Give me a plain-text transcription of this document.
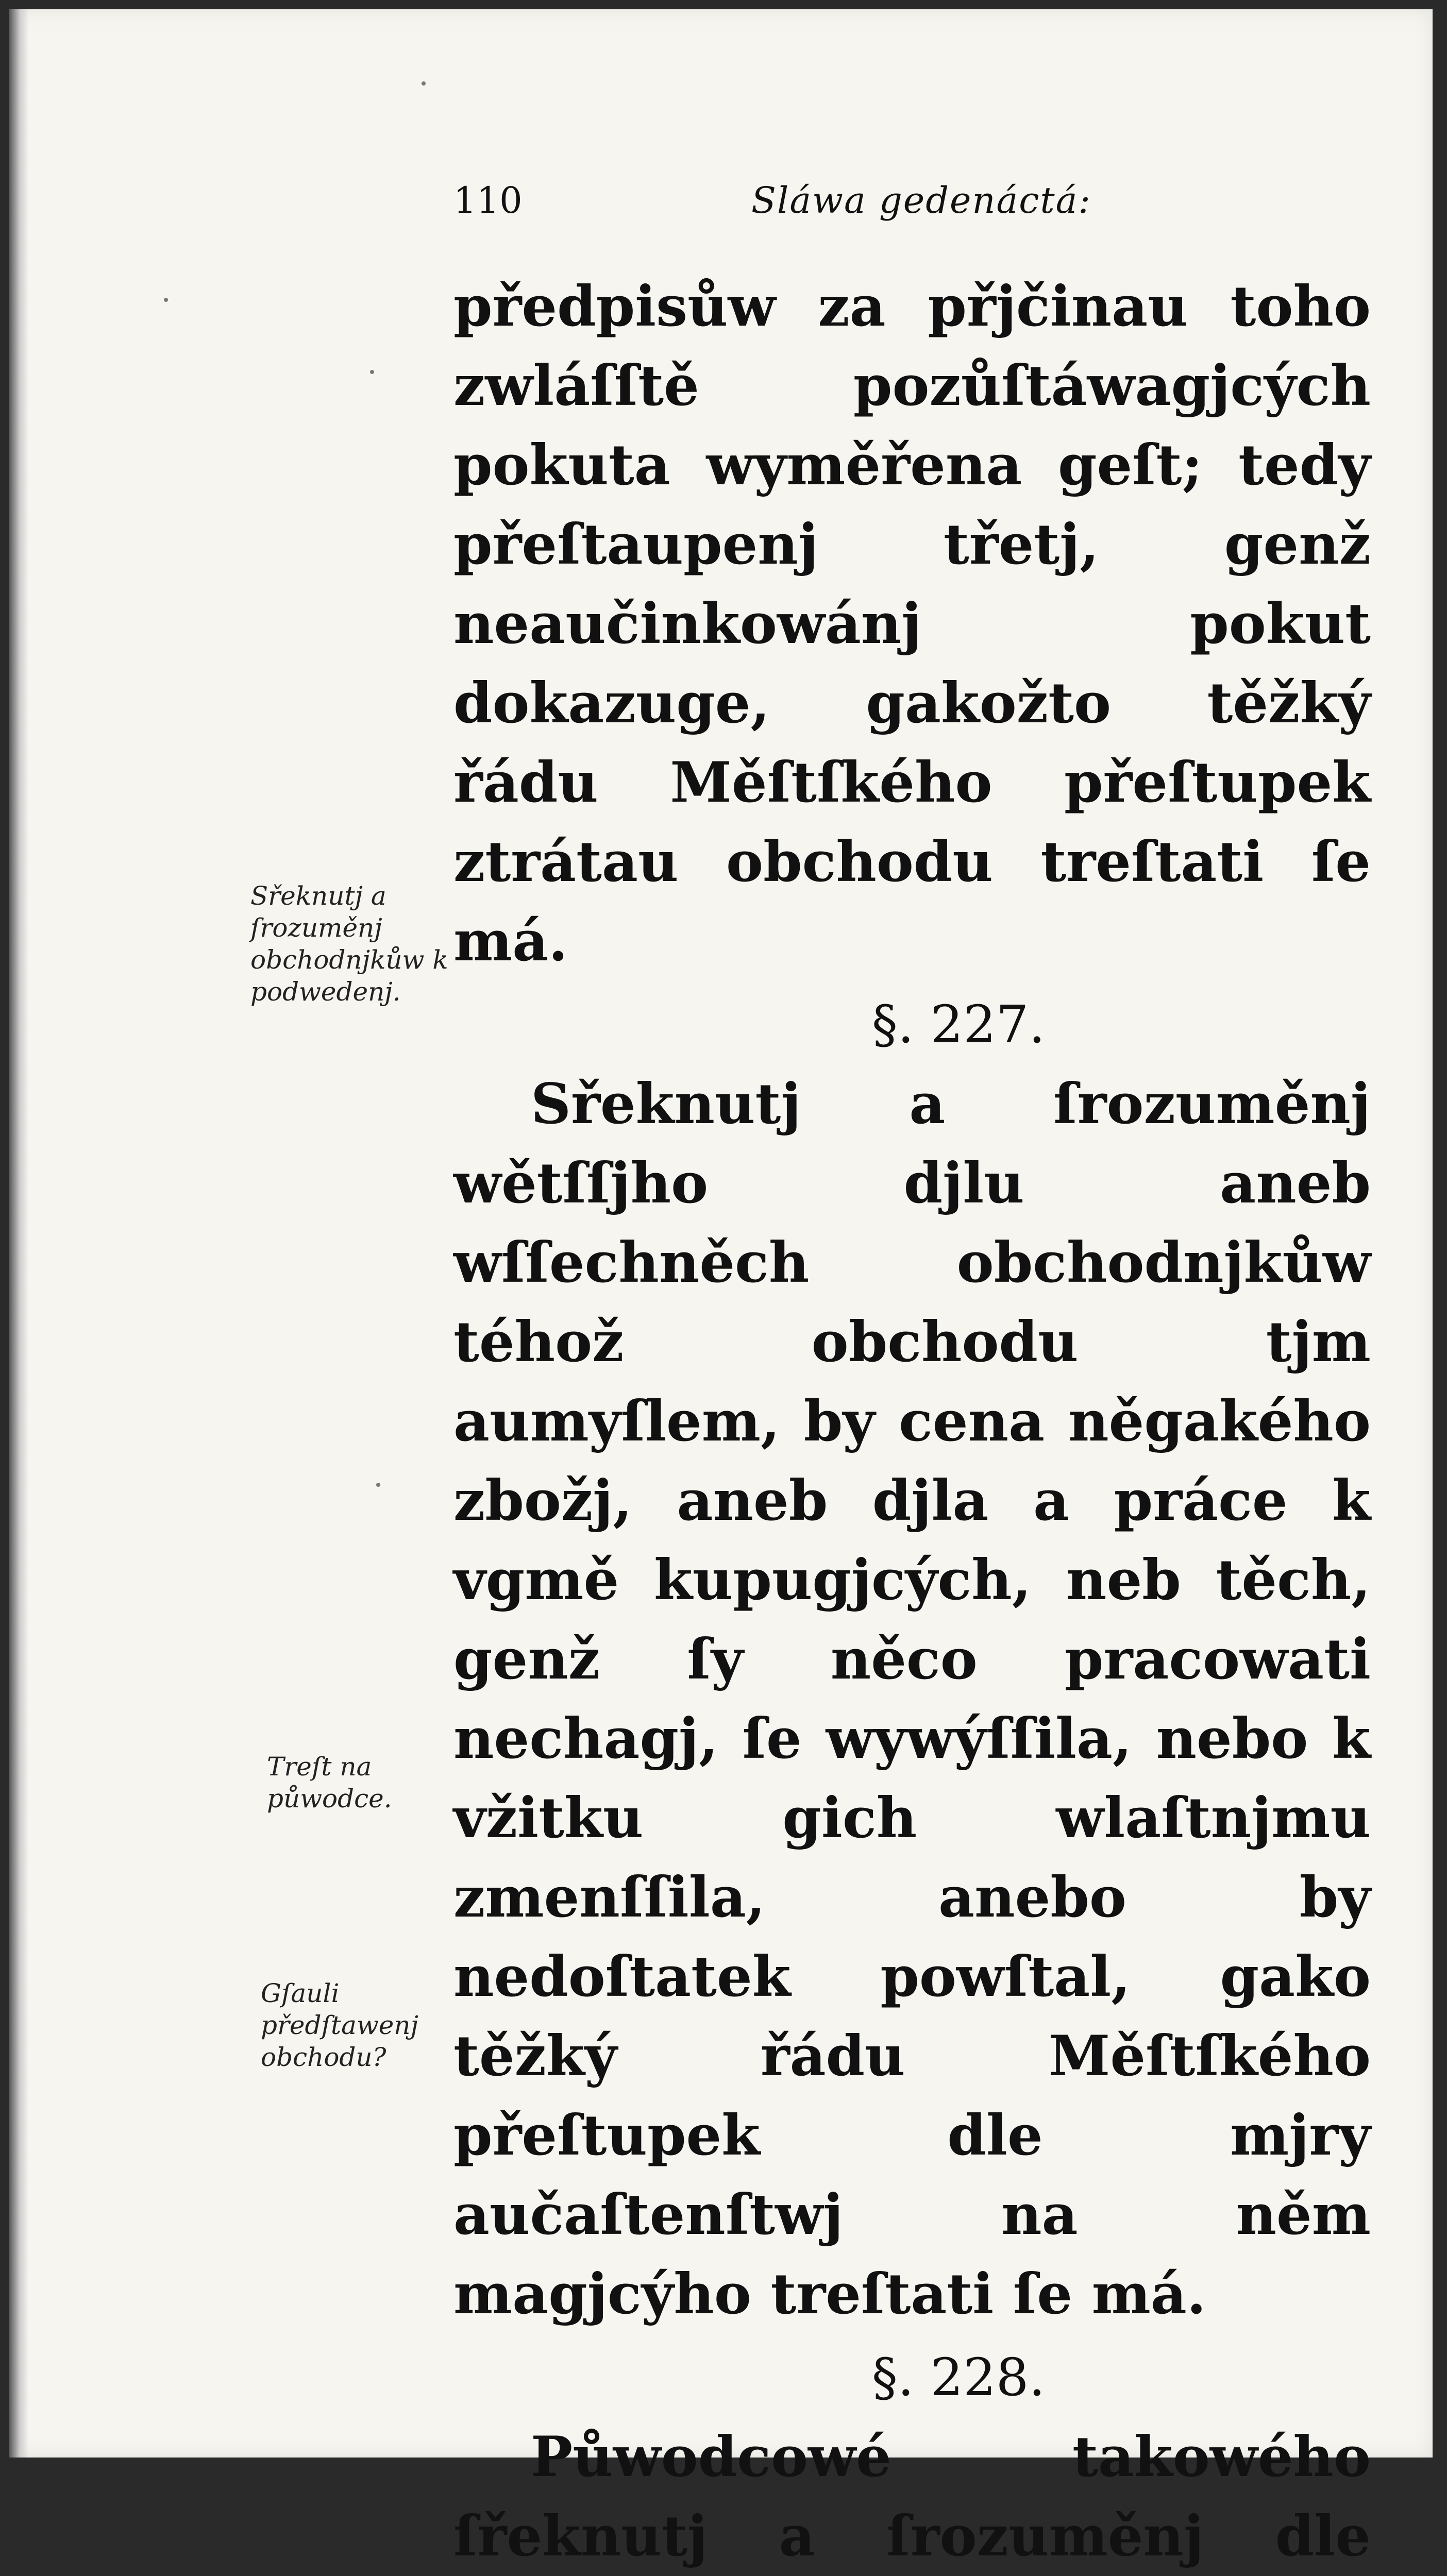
110	Sláwa gedenáctá:

předpisůw za přjčinau toho zwláſſtě pozůſtáwagjcých pokuta wyměřena geſt; tedy přeſtaupenj třetj, genž neaučinkowánj pokut dokazuge, gakožto těžký řádu Měſtſkého přeſtupek ztrátau obchodu treſtati ſe má.

§. 227.

Sřeknutj a ſrozuměnj wětſſjho djlu aneb wſſechněch obchodnjkůw téhož obchodu tjm aumyſlem, by cena něgakého zbožj, aneb djla a práce k vgmě kupugjcých, neb těch, genž ſy něco pracowati nechagj, ſe wywýſſila, nebo k vžitku gich wlaſtnjmu zmenſſila, anebo by nedoſtatek powſtal, gako těžký řádu Měſtſkého přeſtupek dle mjry aučaſtenſtwj na něm magjcýho treſtati ſe má.

§. 228.

Půwodcowé takowého ſřeknutj a ſrozuměnj dle

Sřeknutj a ſrozuměnj obchodnjkůw k podwedenj.
Treſt na půwodce.
Gſauli předſtawenj obchodu?
